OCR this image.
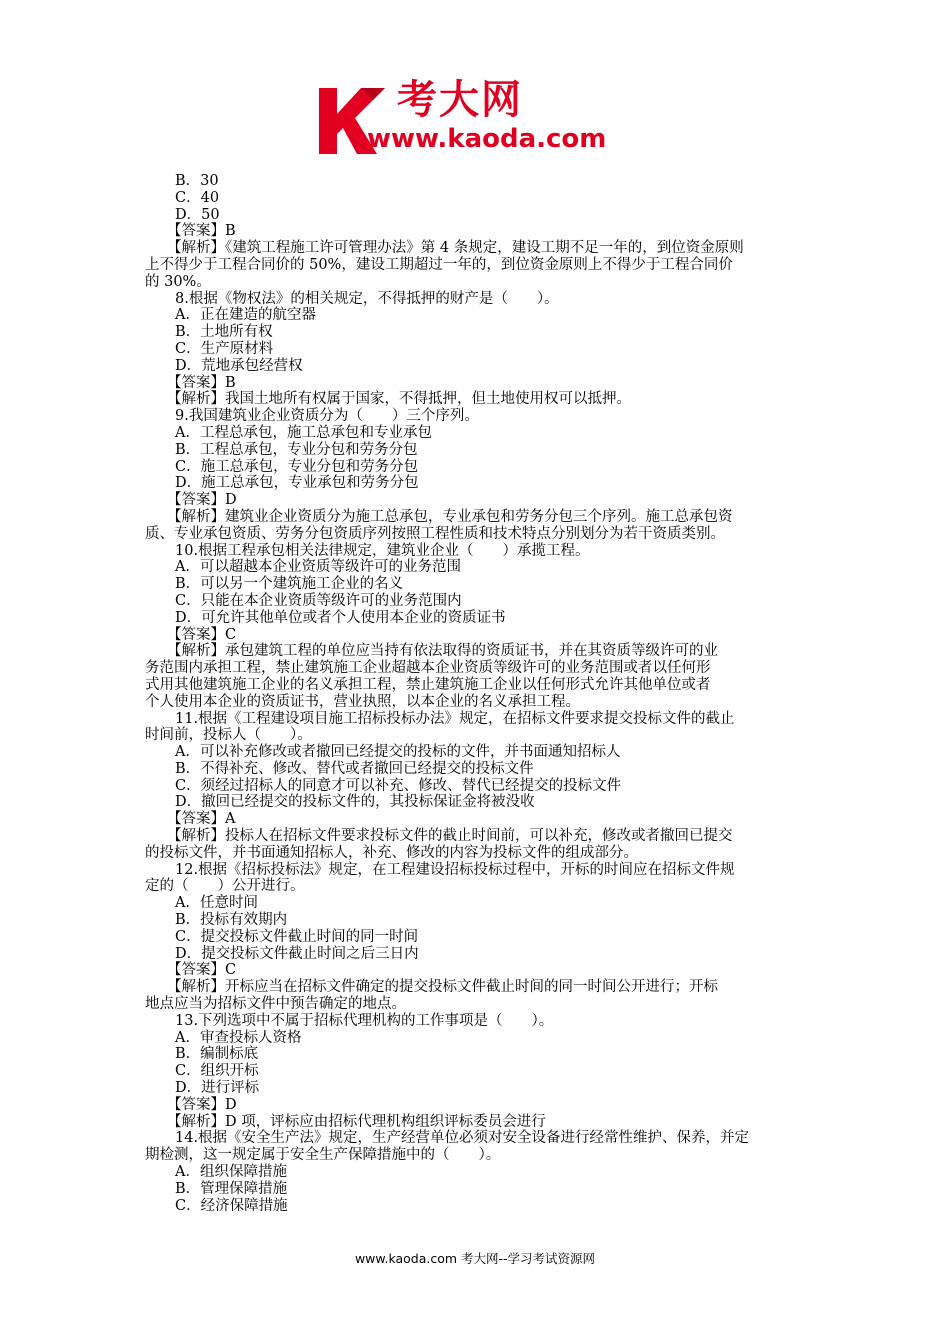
考大网
www.kaoda.com
B．30
C．40
D．50
【答案】B
【解析】《建筑工程施工许可管理办法》第 4 条规定，建设工期不足一年的，到位资金原则
上不得少于工程合同价的 50%，建设工期超过一年的，到位资金原则上不得少于工程合同价
的 30%。
8.根据《物权法》的相关规定，不得抵押的财产是（　　）。
A．正在建造的航空器
B．土地所有权
C．生产原材料
D．荒地承包经营权
【答案】B
【解析】我国土地所有权属于国家，不得抵押，但土地使用权可以抵押。
9.我国建筑业企业资质分为（　　）三个序列。
A．工程总承包，施工总承包和专业承包
B．工程总承包，专业分包和劳务分包
C．施工总承包，专业分包和劳务分包
D．施工总承包，专业承包和劳务分包
【答案】D
【解析】建筑业企业资质分为施工总承包，专业承包和劳务分包三个序列。施工总承包资
质、专业承包资质、劳务分包资质序列按照工程性质和技术特点分别划分为若干资质类别。
10.根据工程承包相关法律规定，建筑业企业（　　）承揽工程。
A．可以超越本企业资质等级许可的业务范围
B．可以另一个建筑施工企业的名义
C．只能在本企业资质等级许可的业务范围内
D．可允许其他单位或者个人使用本企业的资质证书
【答案】C
【解析】承包建筑工程的单位应当持有依法取得的资质证书，并在其资质等级许可的业
务范围内承担工程，禁止建筑施工企业超越本企业资质等级许可的业务范围或者以任何形
式用其他建筑施工企业的名义承担工程，禁止建筑施工企业以任何形式允许其他单位或者
个人使用本企业的资质证书，营业执照，以本企业的名义承担工程。
11.根据《工程建设项目施工招标投标办法》规定，在招标文件要求提交投标文件的截止
时间前，投标人（　　）。
A．可以补充修改或者撤回已经提交的投标的文件，并书面通知招标人
B．不得补充、修改、替代或者撤回已经提交的投标文件
C．须经过招标人的同意才可以补充、修改、替代已经提交的投标文件
D．撤回已经提交的投标文件的，其投标保证金将被没收
【答案】A
【解析】投标人在招标文件要求投标文件的截止时间前，可以补充，修改或者撤回已提交
的投标文件，并书面通知招标人，补充、修改的内容为投标文件的组成部分。
12.根据《招标投标法》规定，在工程建设招标投标过程中，开标的时间应在招标文件规
定的（　　）公开进行。
A．任意时间
B．投标有效期内
C．提交投标文件截止时间的同一时间
D．提交投标文件截止时间之后三日内
【答案】C
【解析】开标应当在招标文件确定的提交投标文件截止时间的同一时间公开进行；开标
地点应当为招标文件中预告确定的地点。
13.下列选项中不属于招标代理机构的工作事项是（　　）。
A．审查投标人资格
B．编制标底
C．组织开标
D．进行评标
【答案】D
【解析】D 项，评标应由招标代理机构组织评标委员会进行
14.根据《安全生产法》规定，生产经营单位必须对安全设备进行经常性维护、保养，并定
期检测，这一规定属于安全生产保障措施中的（　　）。
A．组织保障措施
B．管理保障措施
C．经济保障措施
www.kaoda.com 考大网--学习考试资源网
